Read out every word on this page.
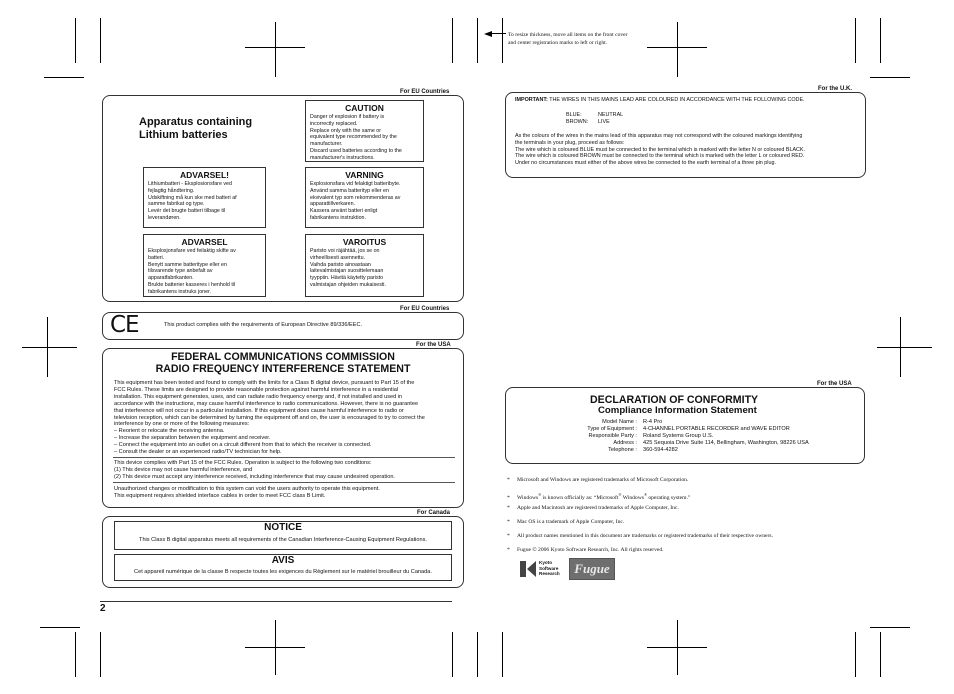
To resize thickness, move all items on the front cover
and center registration marks to left or right.
For EU Countries
Apparatus containing
Lithium batteries
CAUTION
Danger of explosion if battery is
incorrectly replaced.
Replace only with the same or
equivalent type recommended by the
manufacturer.
Discard used batteries according to the
manufacturer's instructions.
ADVARSEL!
Lithiumbatteri - Eksplosionsfare ved
fejlagtig håndtering.
Udskiftning må kun ske med batteri af
samme fabrikat og type.
Levér det brugte batteri tilbage til
leverandøren.
VARNING
Explosionsfara vid felaktigt batteribyte.
Använd samma batterityp eller en
ekvivalent typ som rekommenderas av
apparattillverkaren.
Kassera använt batteri enligt
fabrikantens instruktion.
ADVARSEL
Eksplosjonsfare ved feilaktig skifte av
batteri.
Benytt samme batteritype eller en
tilsvarende type anbefalt av
apparatfabrikanten.
Brukte batterier kasseres i henhold til
fabrikantens instruks joner.
VAROITUS
Paristo voi räjähtää, jos se on
virheellisesti asennettu.
Vaihda paristo ainoastaan
laitevalmistajan suosittelemaan
tyyppiin. Hävitä käytetty paristo
valmistajan ohjeiden mukaisesti.
For EU Countries
CE	This product complies with the requirements of European Directive 89/336/EEC.
For the USA
FEDERAL COMMUNICATIONS COMMISSION
RADIO FREQUENCY INTERFERENCE STATEMENT
This equipment has been tested and found to comply with the limits for a Class B digital device, pursuant to Part 15 of the
FCC Rules. These limits are designed to provide reasonable protection against harmful interference in a residential
installation. This equipment generates, uses, and can radiate radio frequency energy and, if not installed and used in
accordance with the instructions, may cause harmful interference to radio communications. However, there is no guarantee
that interference will not occur in a particular installation. If this equipment does cause harmful interference to radio or
television reception, which can be determined by turning the equipment off and on, the user is encouraged to try to correct the
interference by one or more of the following measures:
– Reorient or relocate the receiving antenna.
– Increase the separation between the equipment and receiver.
– Connect the equipment into an outlet on a circuit different from that to which the receiver is connected.
– Consult the dealer or an experienced radio/TV technician for help.
This device complies with Part 15 of the FCC Rules. Operation is subject to the following two conditions:
(1) This device may not cause harmful interference, and
(2) This device must accept any interference received, including interference that may cause undesired operation.
Unauthorized changes or modification to this system can void the users authority to operate this equipment.
This equipment requires shielded interface cables in order to meet FCC class B Limit.
For Canada
NOTICE
This Class B digital apparatus meets all requirements of the Canadian Interference-Causing Equipment Regulations.
AVIS
Cet appareil numérique de la classe B respecte toutes les exigences du Règlement sur le matériel brouilleur du Canada.
2
For the U.K.
IMPORTANT: THE WIRES IN THIS MAINS LEAD ARE COLOURED IN ACCORDANCE WITH THE FOLLOWING CODE.
BLUE:	NEUTRAL
BROWN: LIVE
As the colours of the wires in the mains lead of this apparatus may not correspond with the coloured markings identifying
the terminals in your plug, proceed as follows:
The wire which is coloured BLUE must be connected to the terminal which is marked with the letter N or coloured BLACK.
The wire which is coloured BROWN must be connected to the terminal which is marked with the letter L or coloured RED.
Under no circumstances must either of the above wires be connected to the earth terminal of a three pin plug.
For the USA
DECLARATION OF CONFORMITY
Compliance Information Statement
Model Name : R-4 Pro
Type of Equipment : 4-CHANNEL PORTABLE RECORDER and WAVE EDITOR
Responsible Party : Roland Systems Group U.S.
Address : 425 Sequoia Drive Suite 114, Bellingham, Washington, 98226 USA
Telephone : 360-594-4282
* Microsoft and Windows are registered trademarks of Microsoft Corporation.
* Windows® is known officially as: “Microsoft® Windows® operating system.”
* Apple and Macintosh are registered trademarks of Apple Computer, Inc.
* Mac OS is a trademark of Apple Computer, Inc.
* All product names mentioned in this document are trademarks or registered trademarks of their respective owners.
* Fugue © 2006 Kyoto Software Research, Inc. All rights reserved.
Kyoto
Software
Research	Fugue
